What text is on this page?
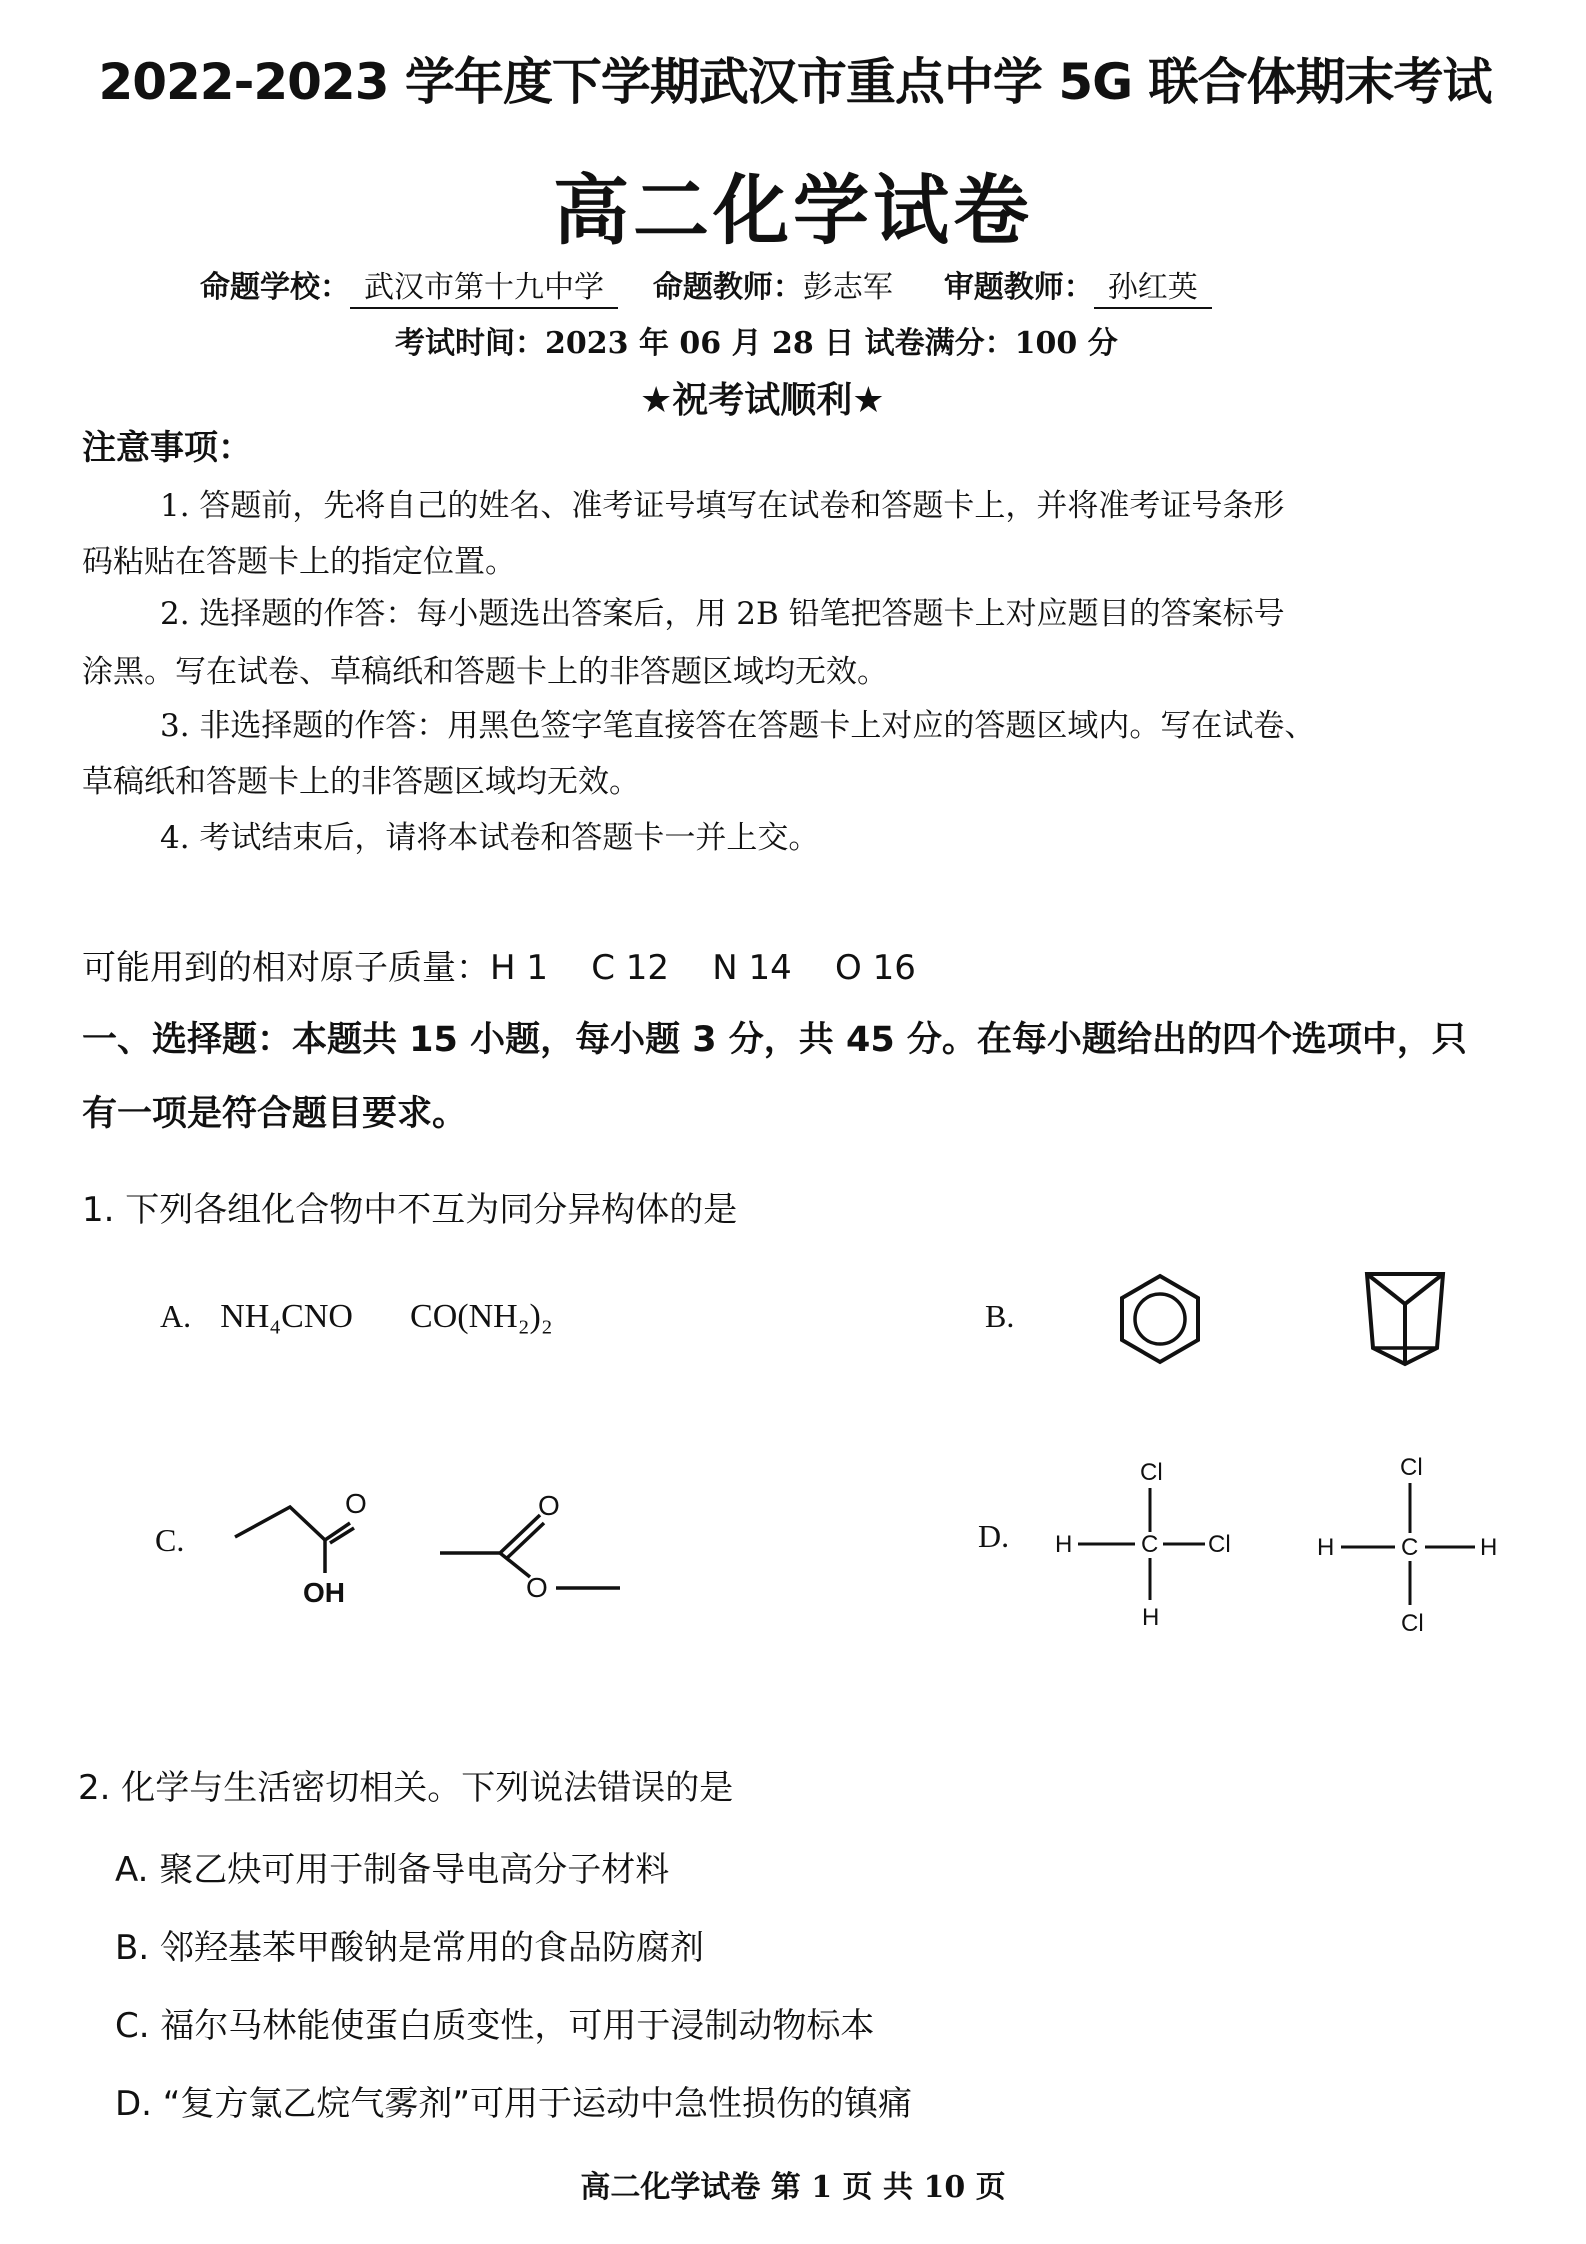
2022-2023 学年度下学期武汉市重点中学 5G 联合体期末考试
高二化学试卷
命题学校： 武汉市第十九中学 命题教师：彭志军 审题教师： 孙红英
考试时间：2023 年 06 月 28 日 试卷满分：100 分
★祝考试顺利★
注意事项：
1. 答题前，先将自己的姓名、准考证号填写在试卷和答题卡上，并将准考证号条形
码粘贴在答题卡上的指定位置。
2. 选择题的作答：每小题选出答案后，用 2B 铅笔把答题卡上对应题目的答案标号
涂黑。写在试卷、草稿纸和答题卡上的非答题区域均无效。
3. 非选择题的作答：用黑色签字笔直接答在答题卡上对应的答题区域内。写在试卷、
草稿纸和答题卡上的非答题区域均无效。
4. 考试结束后，请将本试卷和答题卡一并上交。
可能用到的相对原子质量：H 1    C 12    N 14    O 16
一、选择题：本题共 15 小题，每小题 3 分，共 45 分。在每小题给出的四个选项中，只
有一项是符合题目要求。
1. 下列各组化合物中不互为同分异构体的是
A. NH₄CNO CO(NH₂)₂	B.
C.
O
OH
O
O
D.
Cl
H	C Cl
H
Cl
H	C	H
Cl
2. 化学与生活密切相关。下列说法错误的是
A. 聚乙炔可用于制备导电高分子材料
B. 邻羟基苯甲酸钠是常用的食品防腐剂
C. 福尔马林能使蛋白质变性，可用于浸制动物标本
D. “复方氯乙烷气雾剂”可用于运动中急性损伤的镇痛
高二化学试卷 第 1 页 共 10 页
